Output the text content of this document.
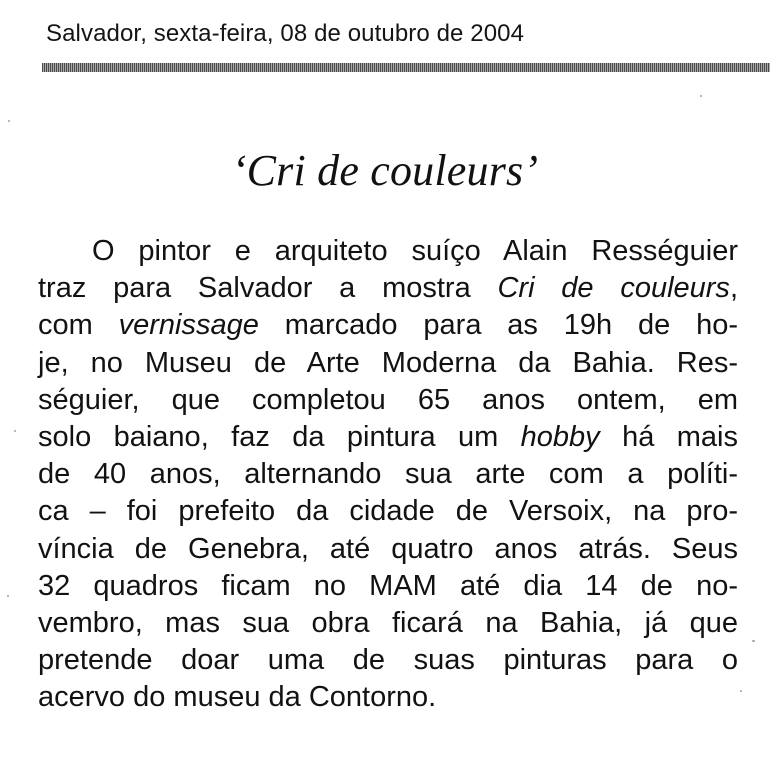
Salvador, sexta-feira, 08 de outubro de 2004
‘Cri de couleurs’
O pintor e arquiteto suíço Alain Rességuier
traz para Salvador a mostra Cri de couleurs,
com vernissage marcado para as 19h de ho-
je, no Museu de Arte Moderna da Bahia. Res-
séguier, que completou 65 anos ontem, em
solo baiano, faz da pintura um hobby há mais
de 40 anos, alternando sua arte com a políti-
ca – foi prefeito da cidade de Versoix, na pro-
víncia de Genebra, até quatro anos atrás. Seus
32 quadros ficam no MAM até dia 14 de no-
vembro, mas sua obra ficará na Bahia, já que
pretende doar uma de suas pinturas para o
acervo do museu da Contorno.
